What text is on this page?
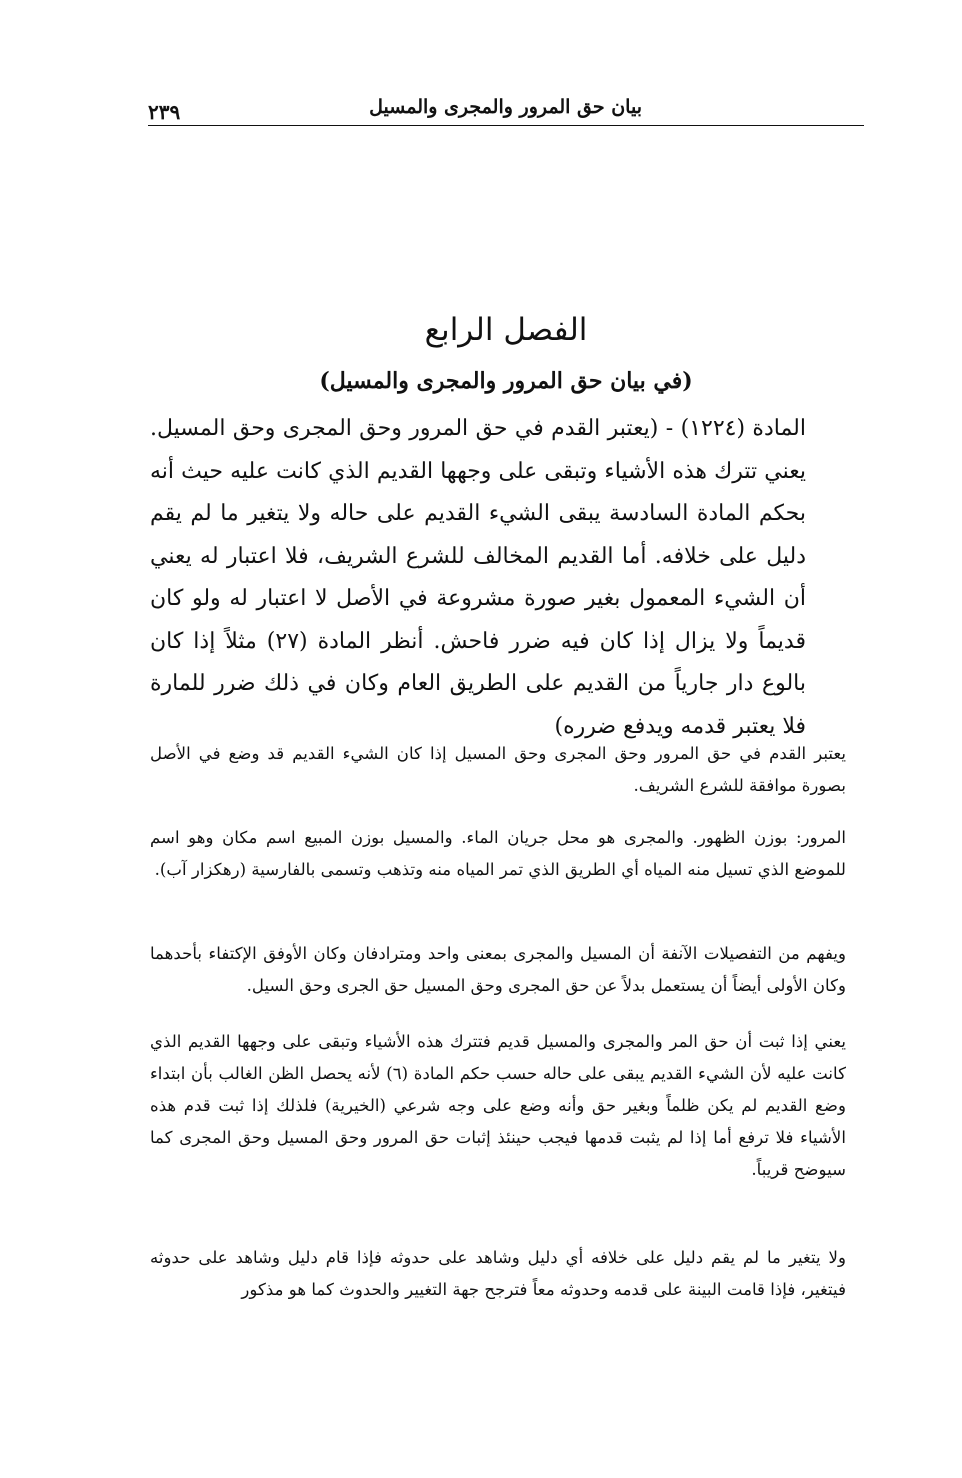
بيان حق المرور والمجرى والمسيل
٢٣٩
الفصل الرابع
(في بيان حق المرور والمجرى والمسيل)

المادة (١٢٢٤) - (يعتبر القدم في حق المرور وحق المجرى وحق المسيل. يعني تترك هذه الأشياء وتبقى على وجهها القديم الذي كانت عليه حيث أنه بحكم المادة السادسة يبقى الشيء القديم على حاله ولا يتغير ما لم يقم دليل على خلافه. أما القديم المخالف للشرع الشريف، فلا اعتبار له يعني أن الشيء المعمول بغير صورة مشروعة في الأصل لا اعتبار له ولو كان قديماً ولا يزال إذا كان فيه ضرر فاحش. أنظر المادة (٢٧) مثلاً إذا كان بالوع دار جارياً من القديم على الطريق العام وكان في ذلك ضرر للمارة فلا يعتبر قدمه ويدفع ضرره)

يعتبر القدم في حق المرور وحق المجرى وحق المسيل إذا كان الشيء القديم قد وضع في الأصل بصورة موافقة للشرع الشريف.

المرور: بوزن الظهور. والمجرى هو محل جريان الماء. والمسيل بوزن المبيع اسم مكان وهو اسم للموضع الذي تسيل منه المياه أي الطريق الذي تمر المياه منه وتذهب وتسمى بالفارسية (رهكزار آب).

ويفهم من التفصيلات الآنفة أن المسيل والمجرى بمعنى واحد ومترادفان وكان الأوفق الإكتفاء بأحدهما وكان الأولى أيضاً أن يستعمل بدلاً عن حق المجرى وحق المسيل حق الجرى وحق السيل.

يعني إذا ثبت أن حق المر والمجرى والمسيل قديم فتترك هذه الأشياء وتبقى على وجهها القديم الذي كانت عليه لأن الشيء القديم يبقى على حاله حسب حكم المادة (٦) لأنه يحصل الظن الغالب بأن ابتداء وضع القديم لم يكن ظلماً وبغير حق وأنه وضع على وجه شرعي (الخيرية) فلذلك إذا ثبت قدم هذه الأشياء فلا ترفع أما إذا لم يثبت قدمها فيجب حينئذ إثبات حق المرور وحق المسيل وحق المجرى كما سيوضح قريباً.

ولا يتغير ما لم يقم دليل على خلافه أي دليل وشاهد على حدوثه فإذا قام دليل وشاهد على حدوثه فيتغير، فإذا قامت البينة على قدمه وحدوثه معاً فترجح جهة التغيير والحدوث كما هو مذكور
